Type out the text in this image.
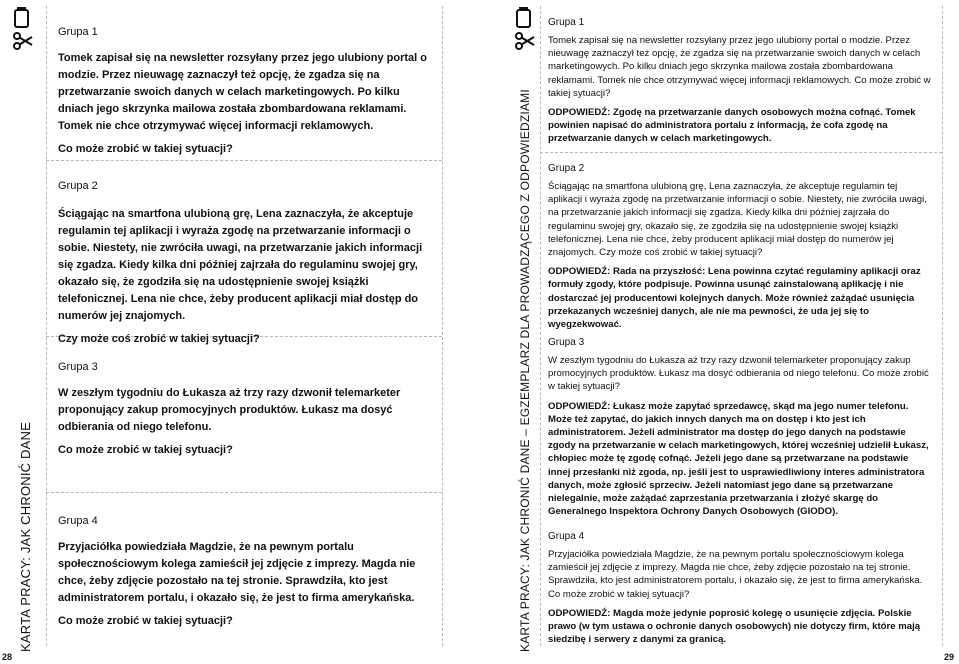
KARTA PRACY: JAK CHRONIĆ DANE
28
Grupa 1
Tomek zapisał się na newsletter rozsyłany przez jego ulubiony portal o modzie. Przez nieuwagę zaznaczył też opcję, że zgadza się na przetwarzanie swoich danych w celach marketingowych. Po kilku dniach jego skrzynka mailowa została zbombardowana reklamami. Tomek nie chce otrzymywać więcej informacji reklamowych.
Co może zrobić w takiej sytuacji?
Grupa 2
Ściągając na smartfona ulubioną grę, Lena zaznaczyła, że akceptuje regulamin tej aplikacji i wyraża zgodę na przetwarzanie informacji o sobie. Niestety, nie zwróciła uwagi, na przetwarzanie jakich informacji się zgadza. Kiedy kilka dni później zajrzała do regulaminu swojej gry, okazało się, że zgodziła się na udostępnienie swojej książki telefonicznej. Lena nie chce, żeby producent aplikacji miał dostęp do numerów jej znajomych.
Czy może coś zrobić w takiej sytuacji?
Grupa 3
W zeszłym tygodniu do Łukasza aż trzy razy dzwonił telemarketer proponujący zakup promocyjnych produktów. Łukasz ma dosyć odbierania od niego telefonu.
Co może zrobić w takiej sytuacji?
Grupa 4
Przyjaciółka powiedziała Magdzie, że na pewnym portalu społecznościowym kolega zamieścił jej zdjęcie z imprezy. Magda nie chce, żeby zdjęcie pozostało na tej stronie. Sprawdziła, kto jest administratorem portalu, i okazało się, że jest to firma amerykańska.
Co może zrobić w takiej sytuacji?	KARTA PRACY: JAK CHRONIĆ DANE – EGZEMPLARZ DLA PROWADZĄCEGO Z ODPOWIEDZIAMI
29
Grupa 1
Tomek zapisał się na newsletter rozsyłany przez jego ulubiony portal o modzie. Przez nieuwagę zaznaczył też opcję, że zgadza się na przetwarzanie swoich danych w celach marketingowych. Po kilku dniach jego skrzynka mailowa została zbombardowana reklamami. Tomek nie chce otrzymywać więcej informacji reklamowych. Co może zrobić w takiej sytuacji?
ODPOWIEDŹ: Zgodę na przetwarzanie danych osobowych można cofnąć. Tomek powinien napisać do administratora portalu z informacją, że cofa zgodę na przetwarzanie danych w celach marketingowych.
Grupa 2
Ściągając na smartfona ulubioną grę, Lena zaznaczyła, że akceptuje regulamin tej aplikacji i wyraża zgodę na przetwarzanie informacji o sobie. Niestety, nie zwróciła uwagi, na przetwarzanie jakich informacji się zgadza. Kiedy kilka dni później zajrzała do regulaminu swojej gry, okazało się, że zgodziła się na udostępnienie swojej książki telefonicznej. Lena nie chce, żeby producent aplikacji miał dostęp do numerów jej znajomych. Czy może coś zrobić w takiej sytuacji?
ODPOWIEDŹ: Rada na przyszłość: Lena powinna czytać regulaminy aplikacji oraz formuły zgody, które podpisuje. Powinna usunąć zainstalowaną aplikację i nie dostarczać jej producentowi kolejnych danych. Może również zażądać usunięcia przekazanych wcześniej danych, ale nie ma pewności, że uda jej się to wyegzekwować.
Grupa 3
W zeszłym tygodniu do Łukasza aż trzy razy dzwonił telemarketer proponujący zakup promocyjnych produktów. Łukasz ma dosyć odbierania od niego telefonu. Co może zrobić w takiej sytuacji?
ODPOWIEDŹ: Łukasz może zapytać sprzedawcę, skąd ma jego numer telefonu. Może też zapytać, do jakich innych danych ma on dostęp i kto jest ich administratorem. Jeżeli administrator ma dostęp do jego danych na podstawie zgody na przetwarzanie w celach marketingowych, której wcześniej udzielił Łukasz, chłopiec może tę zgodę cofnąć. Jeżeli jego dane są przetwarzane na podstawie innej przesłanki niż zgoda, np. jeśli jest to usprawiedliwiony interes administratora danych, może zgłosić sprzeciw. Jeżeli natomiast jego dane są przetwarzane nielegalnie, może zażądać zaprzestania przetwarzania i złożyć skargę do Generalnego Inspektora Ochrony Danych Osobowych (GIODO).
Grupa 4
Przyjaciółka powiedziała Magdzie, że na pewnym portalu społecznościowym kolega zamieścił jej zdjęcie z imprezy. Magda nie chce, żeby zdjęcie pozostało na tej stronie. Sprawdziła, kto jest administratorem portalu, i okazało się, że jest to firma amerykańska. Co może zrobić w takiej sytuacji?
ODPOWIEDŹ: Magda może jedynie poprosić kolegę o usunięcie zdjęcia. Polskie prawo (w tym ustawa o ochronie danych osobowych) nie dotyczy firm, które mają siedzibę i serwery z danymi za granicą.
